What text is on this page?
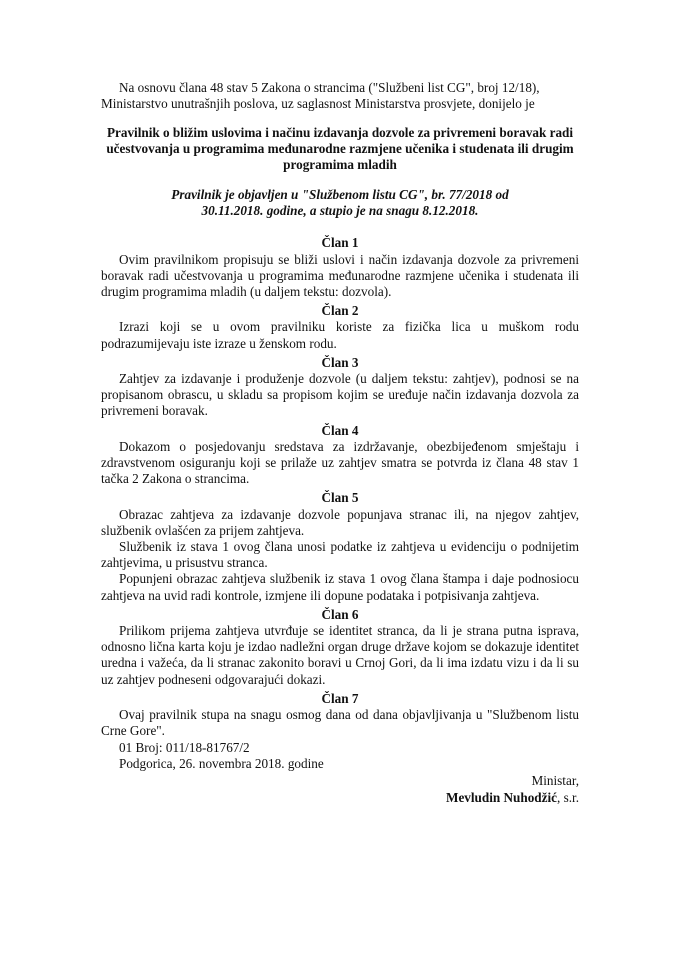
Na osnovu člana 48 stav 5 Zakona o strancima ("Službeni list CG", broj 12/18),
Ministarstvo unutrašnjih poslova, uz saglasnost Ministarstva prosvjete, donijelo je

Pravilnik o bližim uslovima i načinu izdavanja dozvole za privremeni boravak radi učestvovanja u programima međunarodne razmjene učenika i studenata ili drugim programima mladih

Pravilnik je objavljen u "Službenom listu CG", br. 77/2018 od 30.11.2018. godine, a stupio je na snagu 8.12.2018.

Član 1

Ovim pravilnikom propisuju se bliži uslovi i način izdavanja dozvole za privremeni boravak radi učestvovanja u programima međunarodne razmjene učenika i studenata ili drugim programima mladih (u daljem tekstu: dozvola).

Član 2

Izrazi koji se u ovom pravilniku koriste za fizička lica u muškom rodu podrazumijevaju iste izraze u ženskom rodu.

Član 3

Zahtjev za izdavanje i produženje dozvole (u daljem tekstu: zahtjev), podnosi se na propisanom obrascu, u skladu sa propisom kojim se uređuje način izdavanja dozvola za privremeni boravak.

Član 4

Dokazom o posjedovanju sredstava za izdržavanje, obezbijeđenom smještaju i zdravstvenom osiguranju koji se prilaže uz zahtjev smatra se potvrda iz člana 48 stav 1 tačka 2 Zakona o strancima.

Član 5

Obrazac zahtjeva za izdavanje dozvole popunjava stranac ili, na njegov zahtjev, službenik ovlašćen za prijem zahtjeva.

Službenik iz stava 1 ovog člana unosi podatke iz zahtjeva u evidenciju o podnijetim zahtjevima, u prisustvu stranca.

Popunjeni obrazac zahtjeva službenik iz stava 1 ovog člana štampa i daje podnosiocu zahtjeva na uvid radi kontrole, izmjene ili dopune podataka i potpisivanja zahtjeva.

Član 6

Prilikom prijema zahtjeva utvrđuje se identitet stranca, da li je strana putna isprava, odnosno lična karta koju je izdao nadležni organ druge države kojom se dokazuje identitet uredna i važeća, da li stranac zakonito boravi u Crnoj Gori, da li ima izdatu vizu i da li su uz zahtjev podneseni odgovarajući dokazi.

Član 7

Ovaj pravilnik stupa na snagu osmog dana od dana objavljivanja u "Službenom listu Crne Gore".

01 Broj: 011/18-81767/2

Podgorica, 26. novembra 2018. godine

Ministar,

Mevludin Nuhodžić, s.r.
